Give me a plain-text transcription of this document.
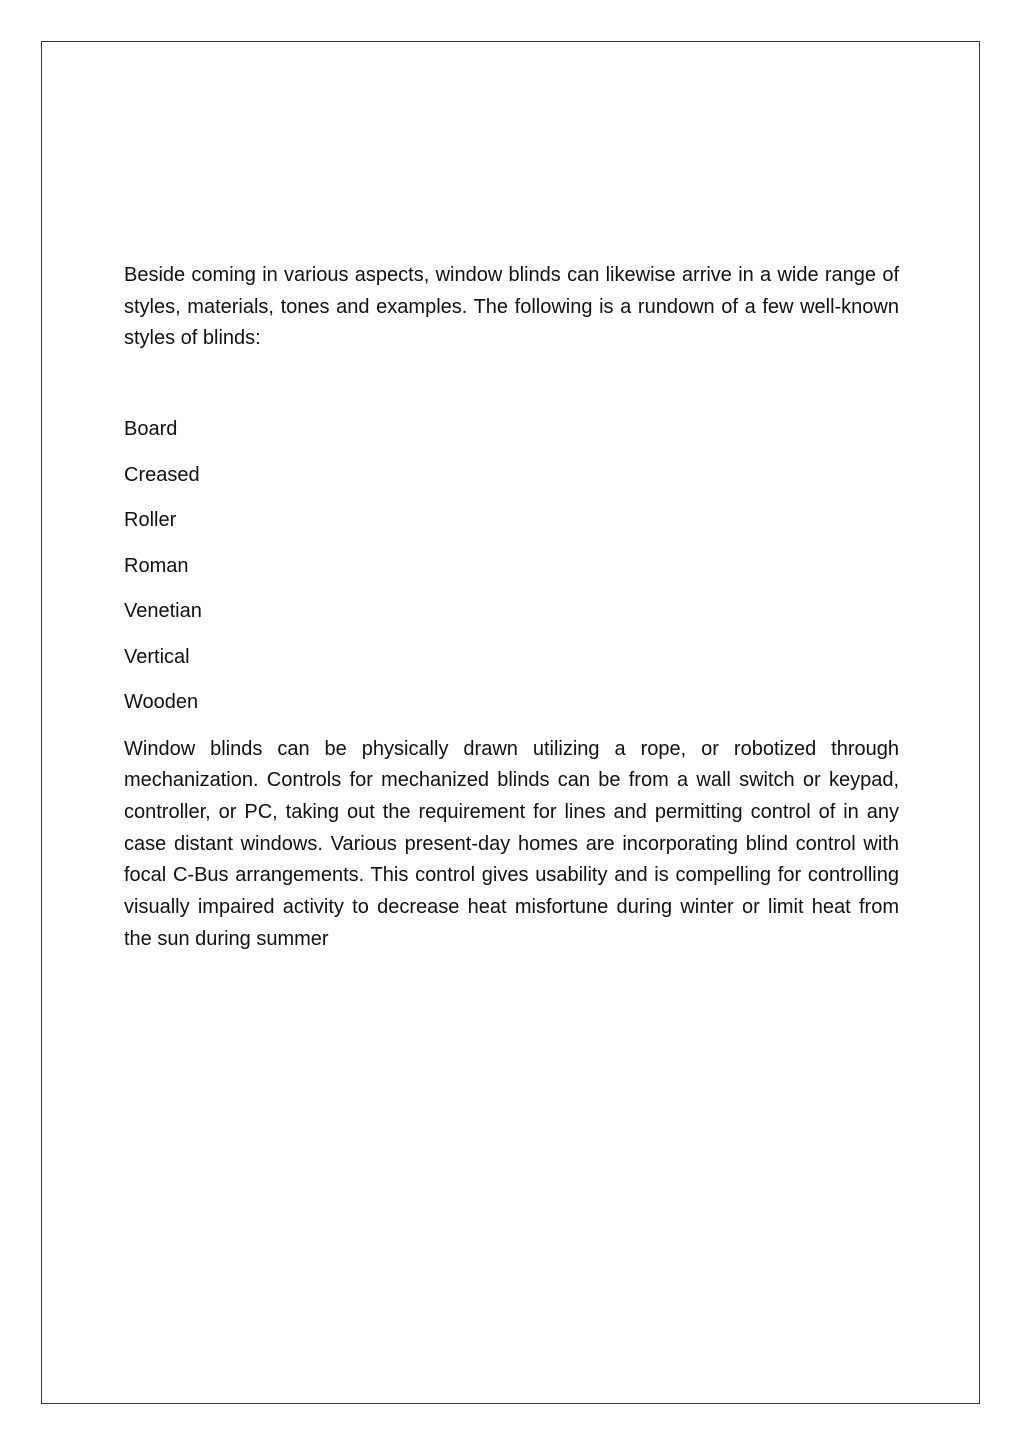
Beside coming in various aspects, window blinds can likewise arrive in a wide range of styles, materials, tones and examples. The following is a rundown of a few well-known styles of blinds:

Board
Creased
Roller
Roman
Venetian
Vertical
Wooden

Window blinds can be physically drawn utilizing a rope, or robotized through mechanization. Controls for mechanized blinds can be from a wall switch or keypad, controller, or PC, taking out the requirement for lines and permitting control of in any case distant windows. Various present-day homes are incorporating blind control with focal C-Bus arrangements. This control gives usability and is compelling for controlling visually impaired activity to decrease heat misfortune during winter or limit heat from the sun during summer
